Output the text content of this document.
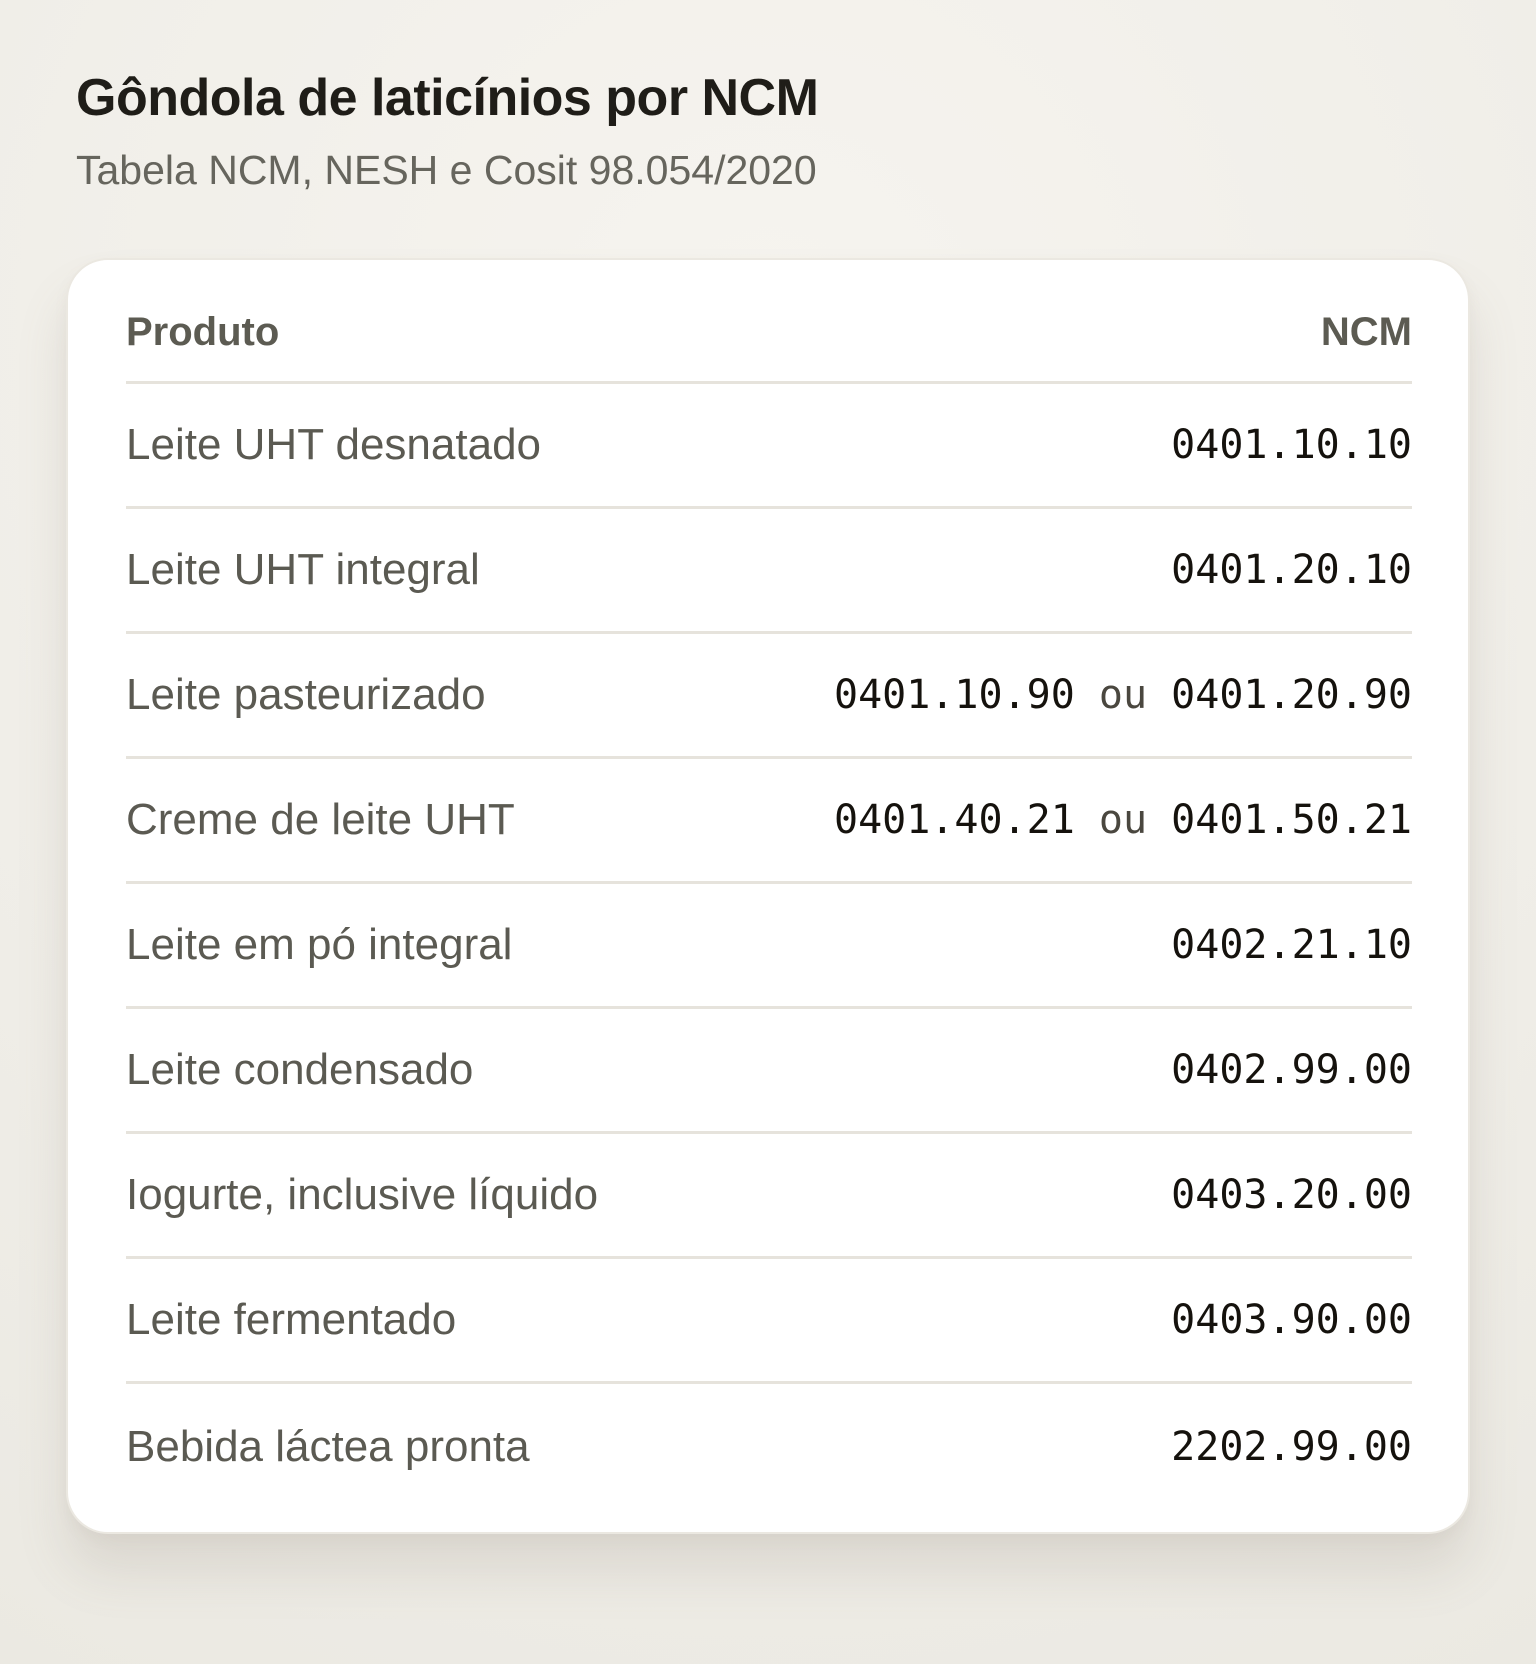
Gôndola de laticínios por NCM

Tabela NCM, NESH e Cosit 98.054/2020

Produto	NCM
Leite UHT desnatado	0401.10.10
Leite UHT integral	0401.20.10
Leite pasteurizado	0401.10.90 ou 0401.20.90
Creme de leite UHT	0401.40.21 ou 0401.50.21
Leite em pó integral	0402.21.10
Leite condensado	0402.99.00
Iogurte, inclusive líquido	0403.20.00
Leite fermentado	0403.90.00
Bebida láctea pronta	2202.99.00
